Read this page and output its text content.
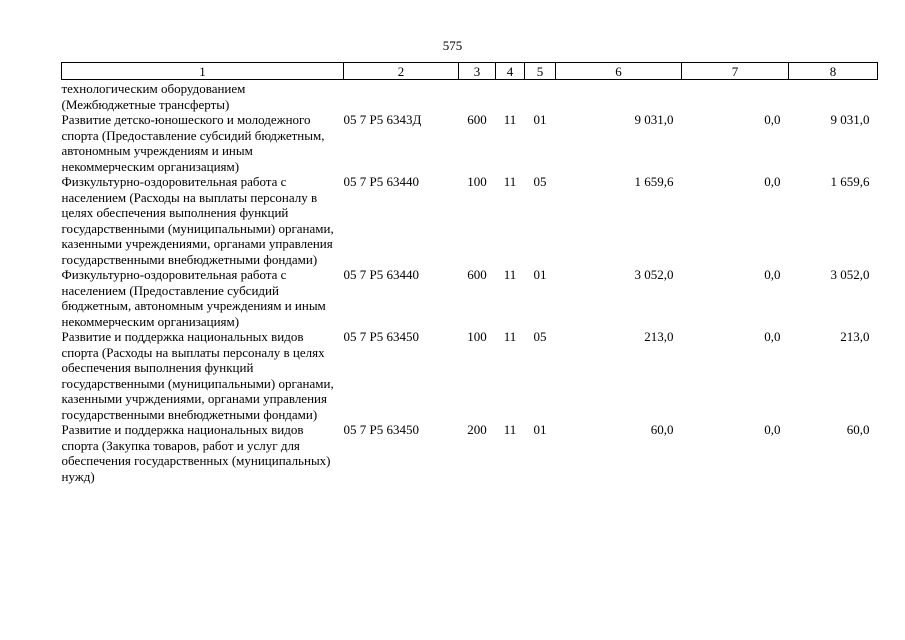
575
1	2	3	4	5	6	7	8
технологическим оборудованием (Межбюджетные трансферты)							
Развитие детско-юношеского и молодежного спорта (Предоставление субсидий бюджетным, автономным учреждениям и иным некоммерческим организациям)	05 7 Р5 6343Д	600	11	01	9 031,0	0,0	9 031,0
Физкультурно-оздоровительная работа с населением (Расходы на выплаты персоналу в целях обеспечения выполнения функций государственными (муниципальными) органами, казенными учреждениями, органами управления государственными внебюджетными фондами)	05 7 Р5 63440	100	11	05	1 659,6	0,0	1 659,6
Физкультурно-оздоровительная работа с населением (Предоставление субсидий бюджетным, автономным учреждениям и иным некоммерческим организациям)	05 7 Р5 63440	600	11	01	3 052,0	0,0	3 052,0
Развитие и поддержка национальных видов спорта (Расходы на выплаты персоналу в целях обеспечения выполнения функций государственными (муниципальными) органами, казенными учрждениями, органами управления государственными внебюджетными фондами)	05 7 Р5 63450	100	11	05	213,0	0,0	213,0
Развитие и поддержка национальных видов спорта (Закупка товаров, работ и услуг для обеспечения государственных (муниципальных) нужд)	05 7 Р5 63450	200	11	01	60,0	0,0	60,0
